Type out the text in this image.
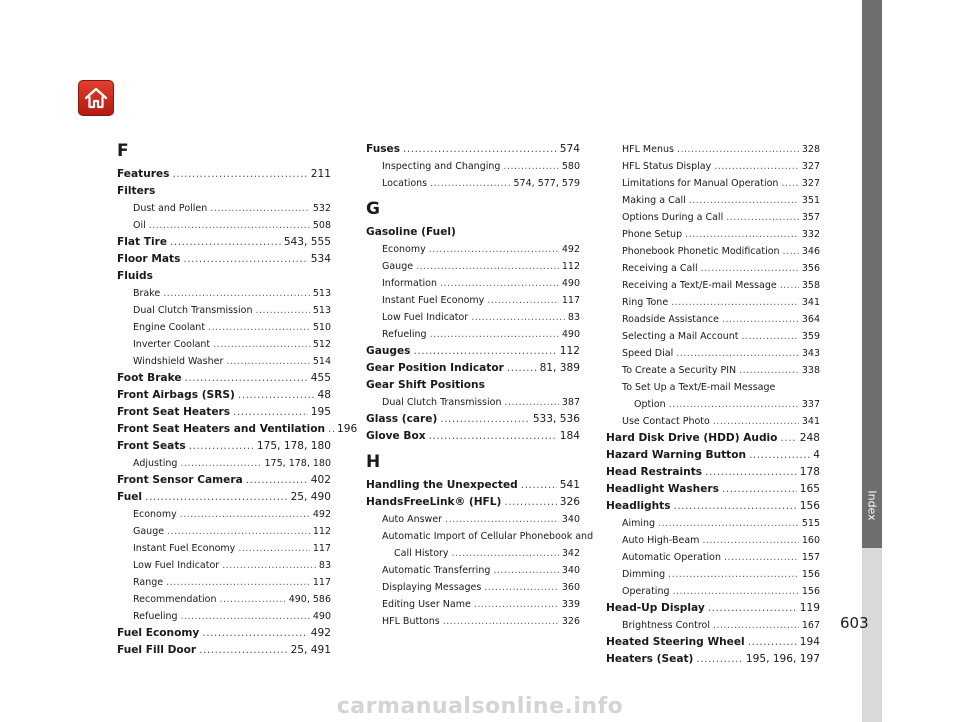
Index
F
Features .....	211
Filters
Dust and Pollen .....	532
Oil .....	508
Flat Tire .....	543, 555
Floor Mats .....	534
Fluids
Brake .....	513
Dual Clutch Transmission .....	513
Engine Coolant .....	510
Inverter Coolant .....	512
Windshield Washer .....	514
Foot Brake .....	455
Front Airbags (SRS) .....	48
Front Seat Heaters .....	195
Front Seat Heaters and Ventilation ..... 196
Front Seats .....	175, 178, 180
Adjusting .....	175, 178, 180
Front Sensor Camera .....	402
Fuel .....	25, 490
Economy .....	492
Gauge .....	112
Instant Fuel Economy .....	117
Low Fuel Indicator .....	83
Range .....	117
Recommendation .....	490, 586
Refueling .....	490
Fuel Economy .....	492
Fuel Fill Door .....	25, 491
Fuses .....	574
Inspecting and Changing .....	580
Locations .....	574, 577, 579
G
Gasoline (Fuel)
Economy .....	492
Gauge .....	112
Information .....	490
Instant Fuel Economy .....	117
Low Fuel Indicator .....	83
Refueling .....	490
Gauges .....	112
Gear Position Indicator .....	81, 389
Gear Shift Positions
Dual Clutch Transmission .....	387
Glass (care) .....	533, 536
Glove Box .....	184
H
Handling the Unexpected .....	541
HandsFreeLink® (HFL) .....	326
Auto Answer .....	340
Automatic Import of Cellular Phonebook and
Call History .....	342
Automatic Transferring .....	340
Displaying Messages .....	360
Editing User Name .....	339
HFL Buttons .....	326
HFL Menus .....	328
HFL Status Display .....	327
Limitations for Manual Operation ..... 327
Making a Call .....	351
Options During a Call .....	357
Phone Setup .....	332
Phonebook Phonetic Modification ..... 346
Receiving a Call .....	356
Receiving a Text/E-mail Message .....	358
Ring Tone .....	341
Roadside Assistance .....	364
Selecting a Mail Account .....	359
Speed Dial .....	343
To Create a Security PIN .....	338
To Set Up a Text/E-mail Message
Option .....	337
Use Contact Photo .....	341
Hard Disk Drive (HDD) Audio ..... 248
Hazard Warning Button .....	4
Head Restraints .....	178
Headlight Washers .....	165
Headlights .....	156
Aiming .....	515
Auto High-Beam .....	160
Automatic Operation .....	157
Dimming .....	156
Operating .....	156
Head-Up Display .....	119
Brightness Control .....	167
Heated Steering Wheel .....	194
Heaters (Seat) .....	195, 196, 197
603
carmanualsonline.info
